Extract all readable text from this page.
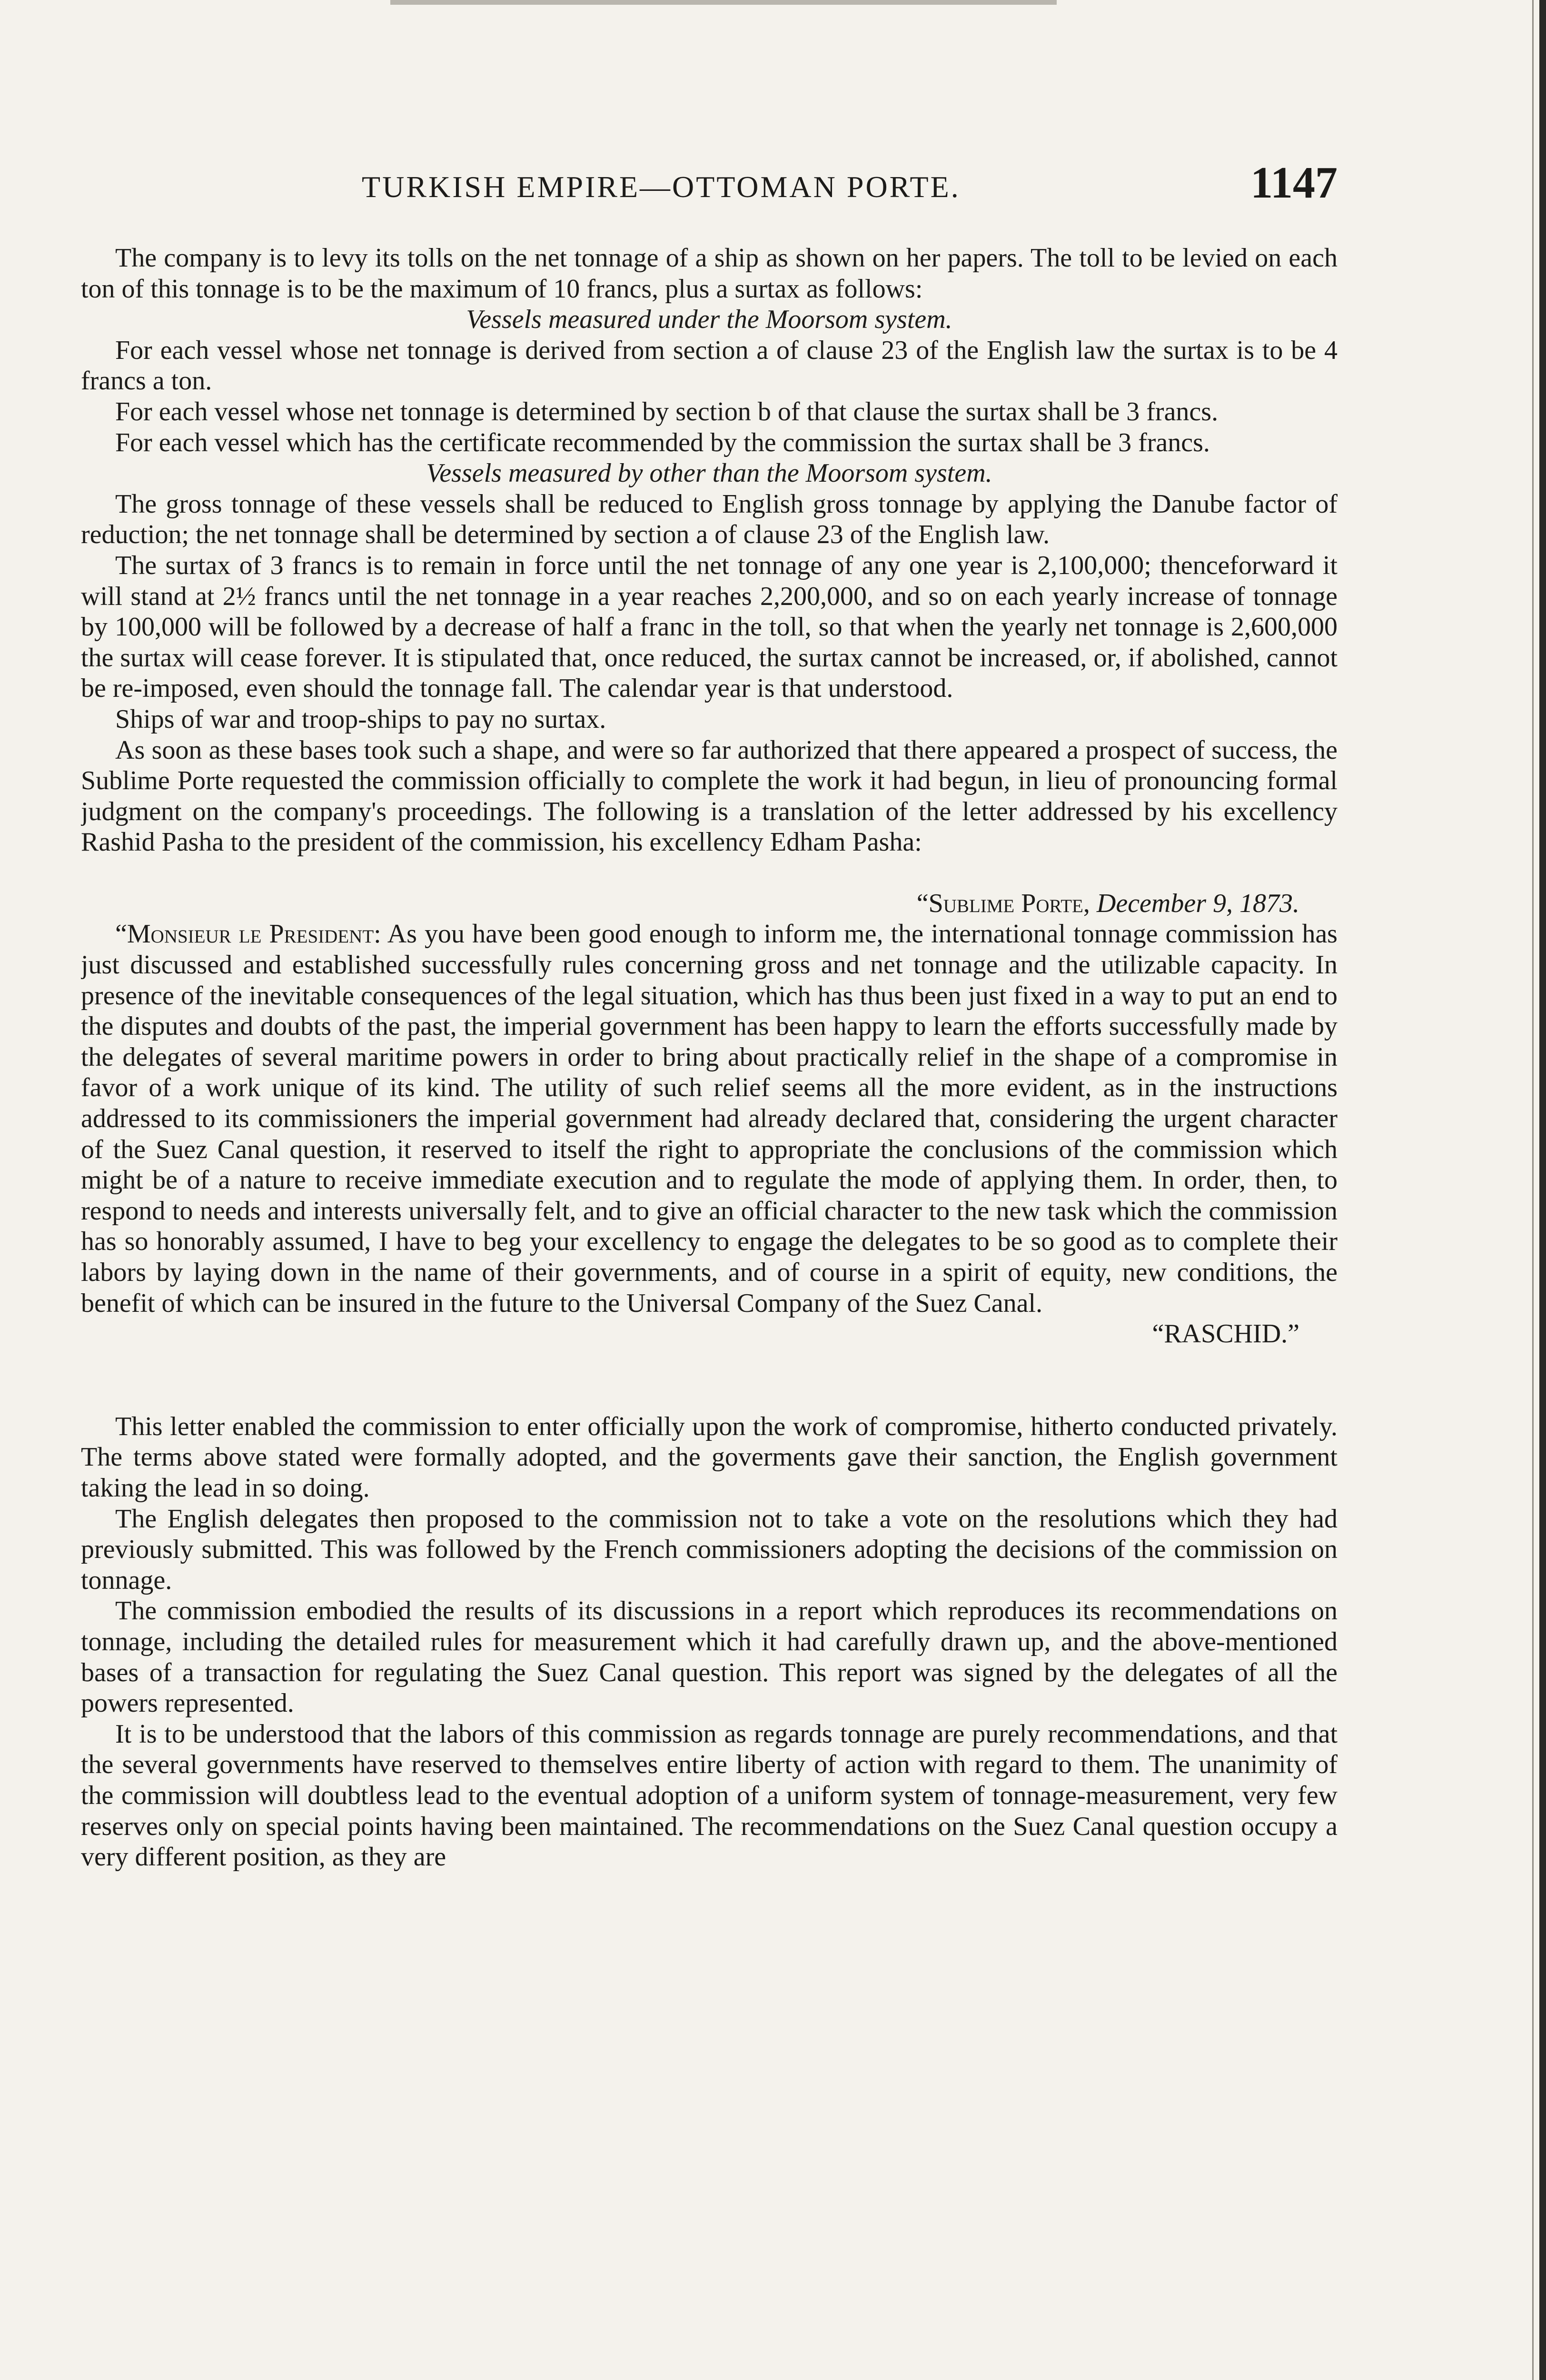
TURKISH EMPIRE—OTTOMAN PORTE.	1147

The company is to levy its tolls on the net tonnage of a ship as shown on her papers. The toll to be levied on each ton of this tonnage is to be the maximum of 10 francs, plus a surtax as follows:

Vessels measured under the Moorsom system.

For each vessel whose net tonnage is derived from section a of clause 23 of the English law the surtax is to be 4 francs a ton.

For each vessel whose net tonnage is determined by section b of that clause the surtax shall be 3 francs.

For each vessel which has the certificate recommended by the commission the surtax shall be 3 francs.

Vessels measured by other than the Moorsom system.

The gross tonnage of these vessels shall be reduced to English gross tonnage by applying the Danube factor of reduction; the net tonnage shall be determined by section a of clause 23 of the English law.

The surtax of 3 francs is to remain in force until the net tonnage of any one year is 2,100,000; thenceforward it will stand at 2½ francs until the net tonnage in a year reaches 2,200,000, and so on each yearly increase of tonnage by 100,000 will be followed by a decrease of half a franc in the toll, so that when the yearly net tonnage is 2,600,000 the surtax will cease forever. It is stipulated that, once reduced, the surtax cannot be increased, or, if abolished, cannot be re-imposed, even should the tonnage fall. The calendar year is that understood.

Ships of war and troop-ships to pay no surtax.

As soon as these bases took such a shape, and were so far authorized that there appeared a prospect of success, the Sublime Porte requested the commission officially to complete the work it had begun, in lieu of pronouncing formal judgment on the company's proceedings. The following is a translation of the letter addressed by his excellency Rashid Pasha to the president of the commission, his excellency Edham Pasha:

“Sublime Porte, December 9, 1873.

“Monsieur le President: As you have been good enough to inform me, the international tonnage commission has just discussed and established successfully rules concerning gross and net tonnage and the utilizable capacity. In presence of the inevitable consequences of the legal situation, which has thus been just fixed in a way to put an end to the disputes and doubts of the past, the imperial government has been happy to learn the efforts successfully made by the delegates of several maritime powers in order to bring about practically relief in the shape of a compromise in favor of a work unique of its kind. The utility of such relief seems all the more evident, as in the instructions addressed to its commissioners the imperial government had already declared that, considering the urgent character of the Suez Canal question, it reserved to itself the right to appropriate the conclusions of the commission which might be of a nature to receive immediate execution and to regulate the mode of applying them. In order, then, to respond to needs and interests universally felt, and to give an official character to the new task which the commission has so honorably assumed, I have to beg your excellency to engage the delegates to be so good as to complete their labors by laying down in the name of their governments, and of course in a spirit of equity, new conditions, the benefit of which can be insured in the future to the Universal Company of the Suez Canal.

“RASCHID.”

This letter enabled the commission to enter officially upon the work of compromise, hitherto conducted privately. The terms above stated were formally adopted, and the goverments gave their sanction, the English government taking the lead in so doing.

The English delegates then proposed to the commission not to take a vote on the resolutions which they had previously submitted. This was followed by the French commissioners adopting the decisions of the commission on tonnage.

The commission embodied the results of its discussions in a report which reproduces its recommendations on tonnage, including the detailed rules for measurement which it had carefully drawn up, and the above-mentioned bases of a transaction for regulating the Suez Canal question. This report was signed by the delegates of all the powers represented.

It is to be understood that the labors of this commission as regards tonnage are purely recommendations, and that the several governments have reserved to themselves entire liberty of action with regard to them. The unanimity of the commission will doubtless lead to the eventual adoption of a uniform system of tonnage-measurement, very few reserves only on special points having been maintained. The recommendations on the Suez Canal question occupy a very different position, as they are
